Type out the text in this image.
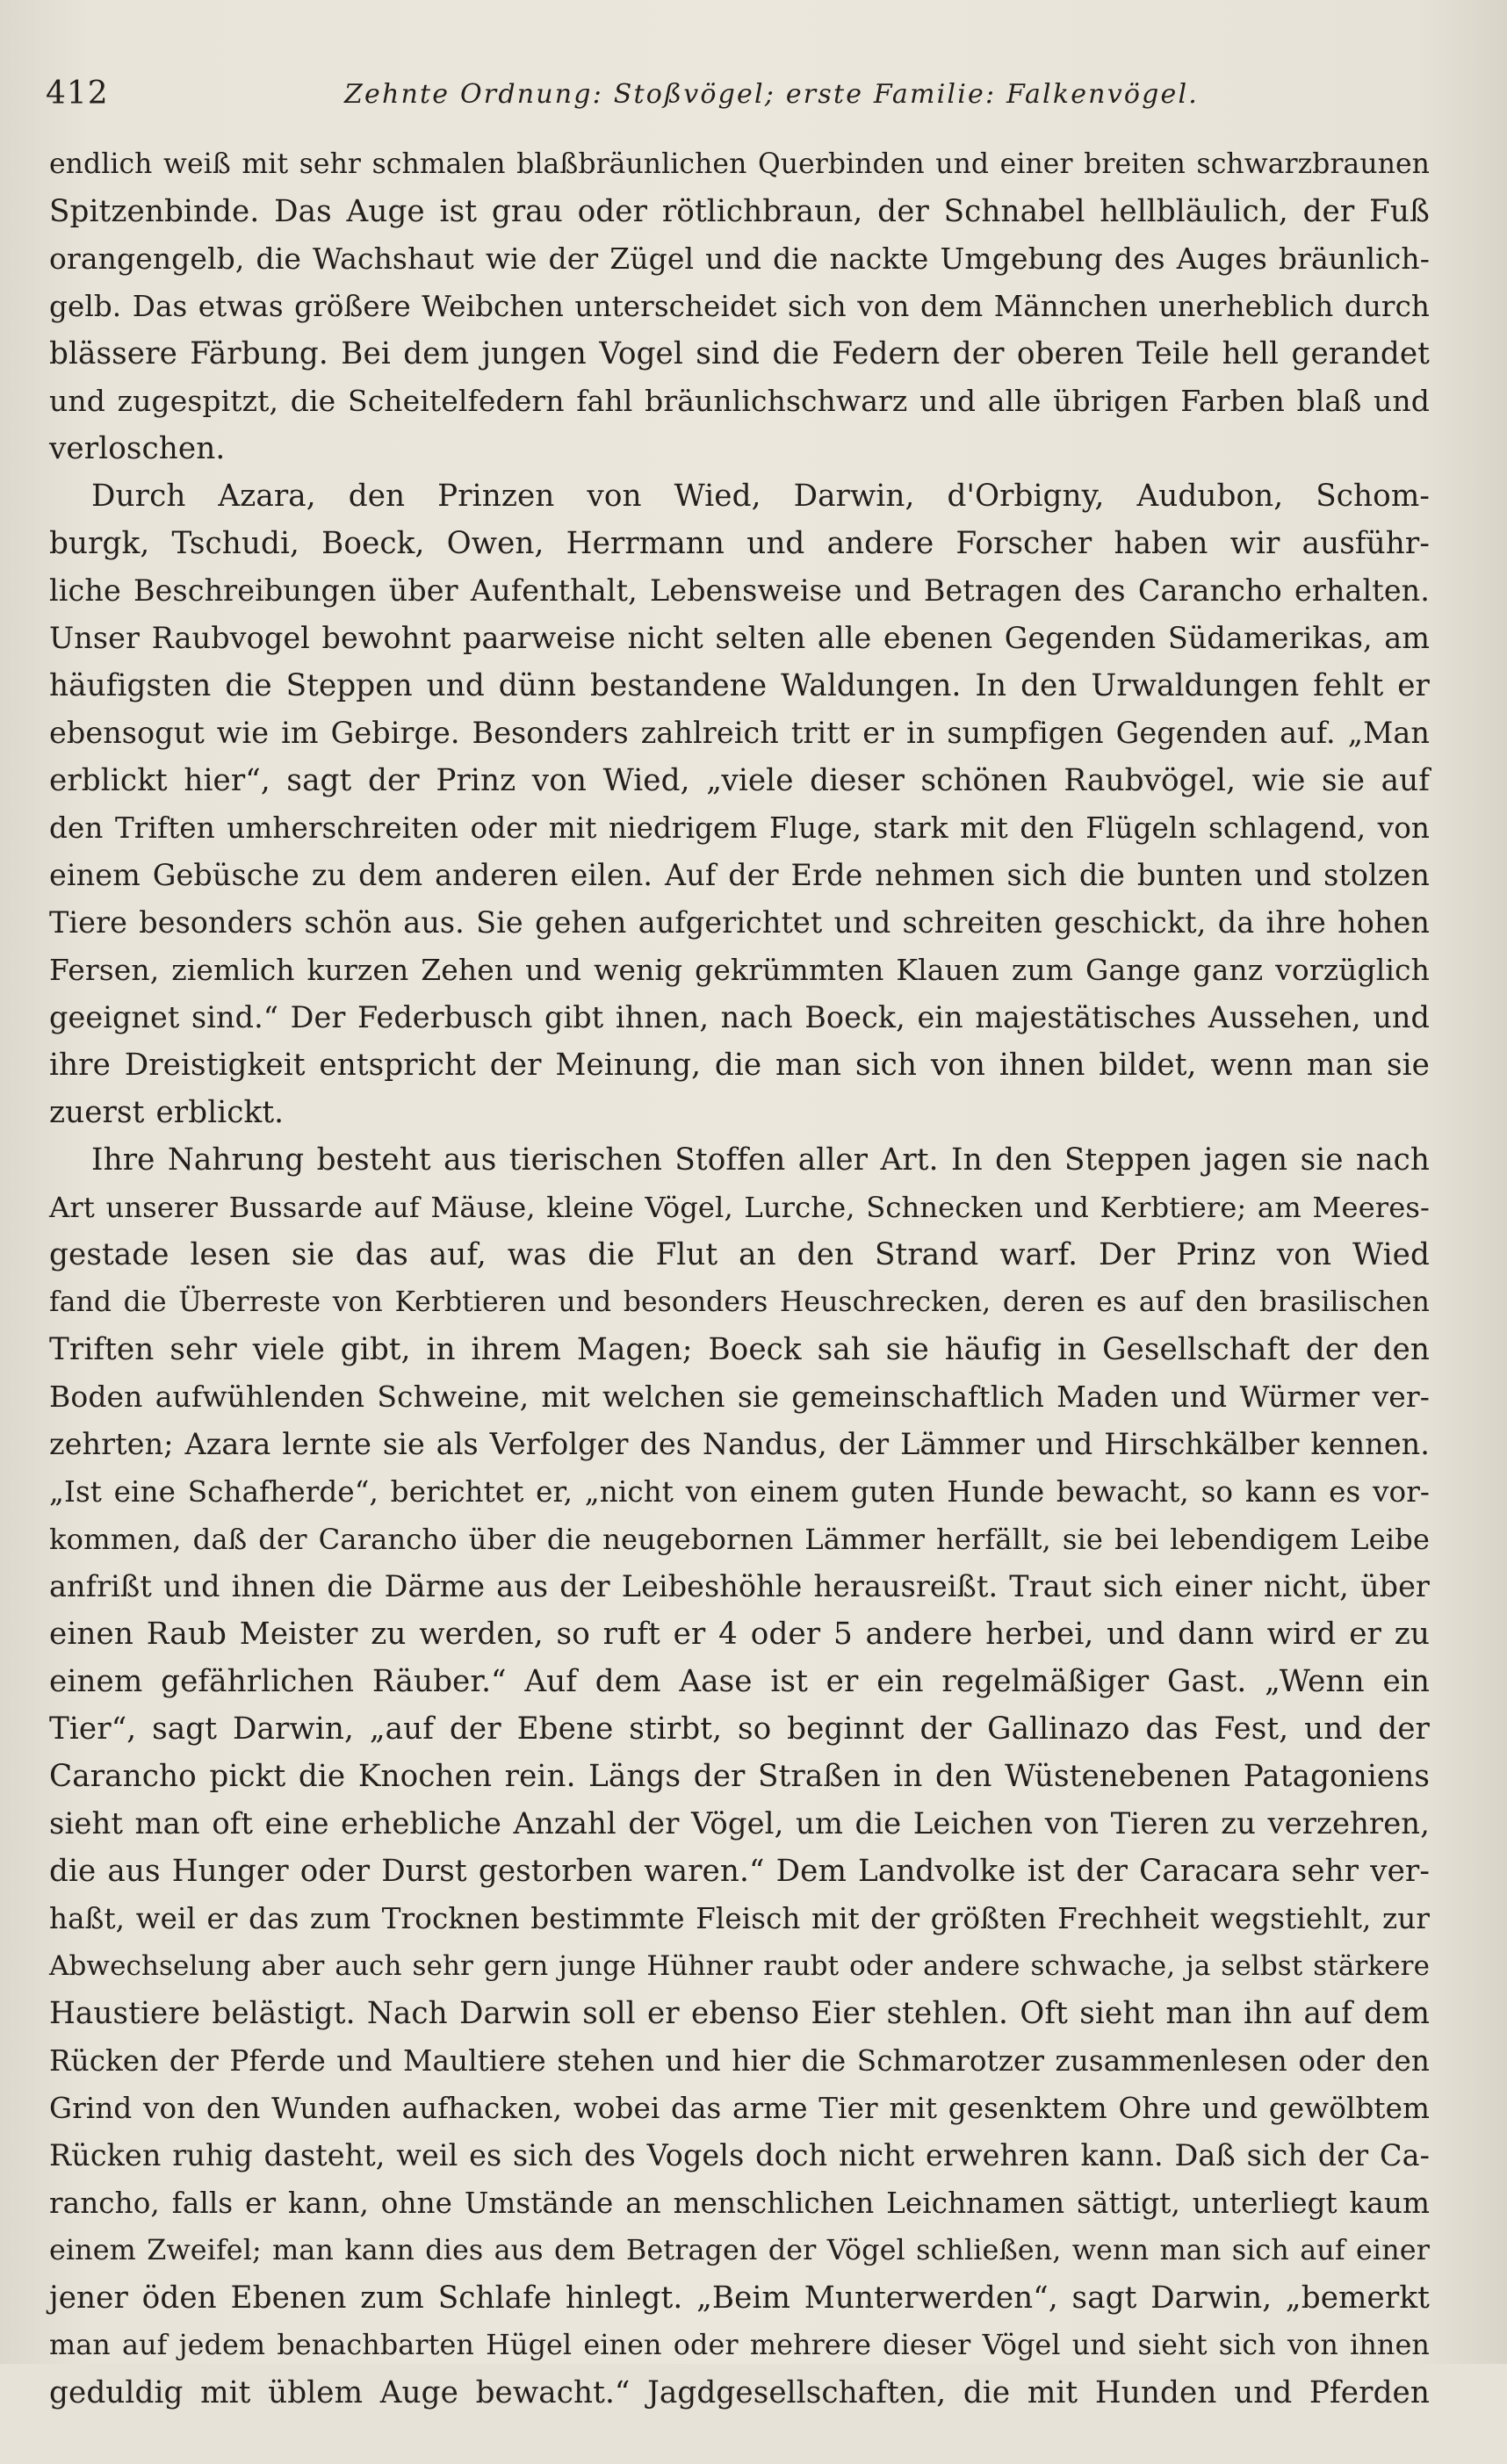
412	Zehnte Ordnung: Stoßvögel; erste Familie: Falkenvögel.
endlich weiß mit sehr schmalen blaßbräunlichen Querbinden und einer breiten schwarzbraunen
Spitzenbinde. Das Auge ist grau oder rötlichbraun, der Schnabel hellbläulich, der Fuß
orangengelb, die Wachshaut wie der Zügel und die nackte Umgebung des Auges bräunlich-
gelb. Das etwas größere Weibchen unterscheidet sich von dem Männchen unerheblich durch
blässere Färbung. Bei dem jungen Vogel sind die Federn der oberen Teile hell gerandet
und zugespitzt, die Scheitelfedern fahl bräunlichschwarz und alle übrigen Farben blaß und
verloschen.
Durch Azara, den Prinzen von Wied, Darwin, d'Orbigny, Audubon, Schom-
burgk, Tschudi, Boeck, Owen, Herrmann und andere Forscher haben wir ausführ-
liche Beschreibungen über Aufenthalt, Lebensweise und Betragen des Carancho erhalten.
Unser Raubvogel bewohnt paarweise nicht selten alle ebenen Gegenden Südamerikas, am
häufigsten die Steppen und dünn bestandene Waldungen. In den Urwaldungen fehlt er
ebensogut wie im Gebirge. Besonders zahlreich tritt er in sumpfigen Gegenden auf. „Man
erblickt hier“, sagt der Prinz von Wied, „viele dieser schönen Raubvögel, wie sie auf
den Triften umherschreiten oder mit niedrigem Fluge, stark mit den Flügeln schlagend, von
einem Gebüsche zu dem anderen eilen. Auf der Erde nehmen sich die bunten und stolzen
Tiere besonders schön aus. Sie gehen aufgerichtet und schreiten geschickt, da ihre hohen
Fersen, ziemlich kurzen Zehen und wenig gekrümmten Klauen zum Gange ganz vorzüglich
geeignet sind.“ Der Federbusch gibt ihnen, nach Boeck, ein majestätisches Aussehen, und
ihre Dreistigkeit entspricht der Meinung, die man sich von ihnen bildet, wenn man sie
zuerst erblickt.
Ihre Nahrung besteht aus tierischen Stoffen aller Art. In den Steppen jagen sie nach
Art unserer Bussarde auf Mäuse, kleine Vögel, Lurche, Schnecken und Kerbtiere; am Meeres-
gestade lesen sie das auf, was die Flut an den Strand warf. Der Prinz von Wied
fand die Überreste von Kerbtieren und besonders Heuschrecken, deren es auf den brasilischen
Triften sehr viele gibt, in ihrem Magen; Boeck sah sie häufig in Gesellschaft der den
Boden aufwühlenden Schweine, mit welchen sie gemeinschaftlich Maden und Würmer ver-
zehrten; Azara lernte sie als Verfolger des Nandus, der Lämmer und Hirschkälber kennen.
„Ist eine Schafherde“, berichtet er, „nicht von einem guten Hunde bewacht, so kann es vor-
kommen, daß der Carancho über die neugebornen Lämmer herfällt, sie bei lebendigem Leibe
anfrißt und ihnen die Därme aus der Leibeshöhle herausreißt. Traut sich einer nicht, über
einen Raub Meister zu werden, so ruft er 4 oder 5 andere herbei, und dann wird er zu
einem gefährlichen Räuber.“ Auf dem Aase ist er ein regelmäßiger Gast. „Wenn ein
Tier“, sagt Darwin, „auf der Ebene stirbt, so beginnt der Gallinazo das Fest, und der
Carancho pickt die Knochen rein. Längs der Straßen in den Wüstenebenen Patagoniens
sieht man oft eine erhebliche Anzahl der Vögel, um die Leichen von Tieren zu verzehren,
die aus Hunger oder Durst gestorben waren.“ Dem Landvolke ist der Caracara sehr ver-
haßt, weil er das zum Trocknen bestimmte Fleisch mit der größten Frechheit wegstiehlt, zur
Abwechselung aber auch sehr gern junge Hühner raubt oder andere schwache, ja selbst stärkere
Haustiere belästigt. Nach Darwin soll er ebenso Eier stehlen. Oft sieht man ihn auf dem
Rücken der Pferde und Maultiere stehen und hier die Schmarotzer zusammenlesen oder den
Grind von den Wunden aufhacken, wobei das arme Tier mit gesenktem Ohre und gewölbtem
Rücken ruhig dasteht, weil es sich des Vogels doch nicht erwehren kann. Daß sich der Ca-
rancho, falls er kann, ohne Umstände an menschlichen Leichnamen sättigt, unterliegt kaum
einem Zweifel; man kann dies aus dem Betragen der Vögel schließen, wenn man sich auf einer
jener öden Ebenen zum Schlafe hinlegt. „Beim Munterwerden“, sagt Darwin, „bemerkt
man auf jedem benachbarten Hügel einen oder mehrere dieser Vögel und sieht sich von ihnen
geduldig mit üblem Auge bewacht.“ Jagdgesellschaften, die mit Hunden und Pferden
